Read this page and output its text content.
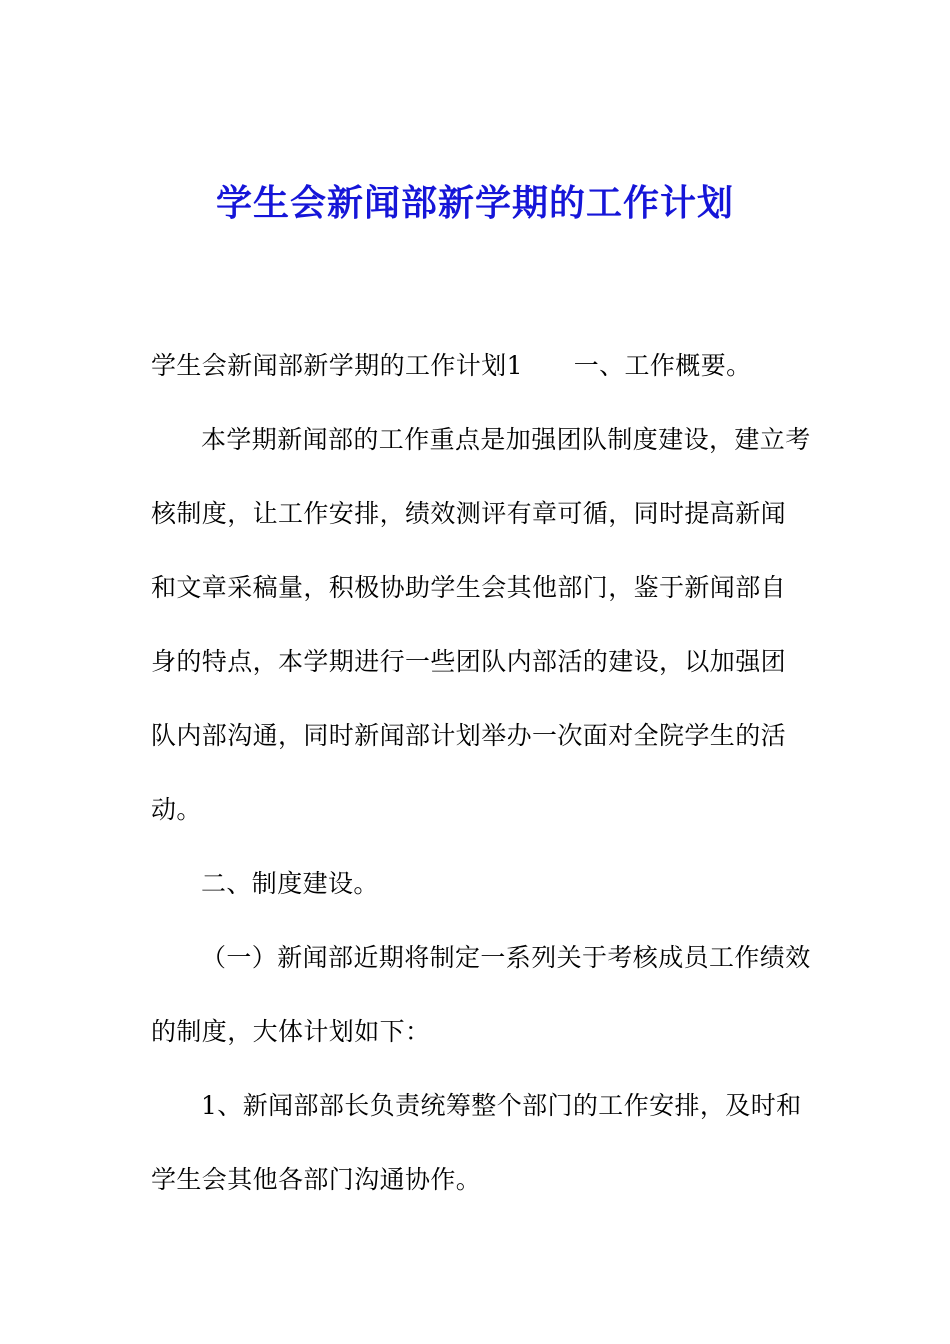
学生会新闻部新学期的工作计划

学生会新闻部新学期的工作计划1　　一、工作概要。

本学期新闻部的工作重点是加强团队制度建设，建立考核制度，让工作安排，绩效测评有章可循，同时提高新闻和文章采稿量，积极协助学生会其他部门，鉴于新闻部自身的特点，本学期进行一些团队内部活的建设，以加强团队内部沟通，同时新闻部计划举办一次面对全院学生的活动。

二、制度建设。

（一）新闻部近期将制定一系列关于考核成员工作绩效的制度，大体计划如下：

1、新闻部部长负责统筹整个部门的工作安排，及时和学生会其他各部门沟通协作。
